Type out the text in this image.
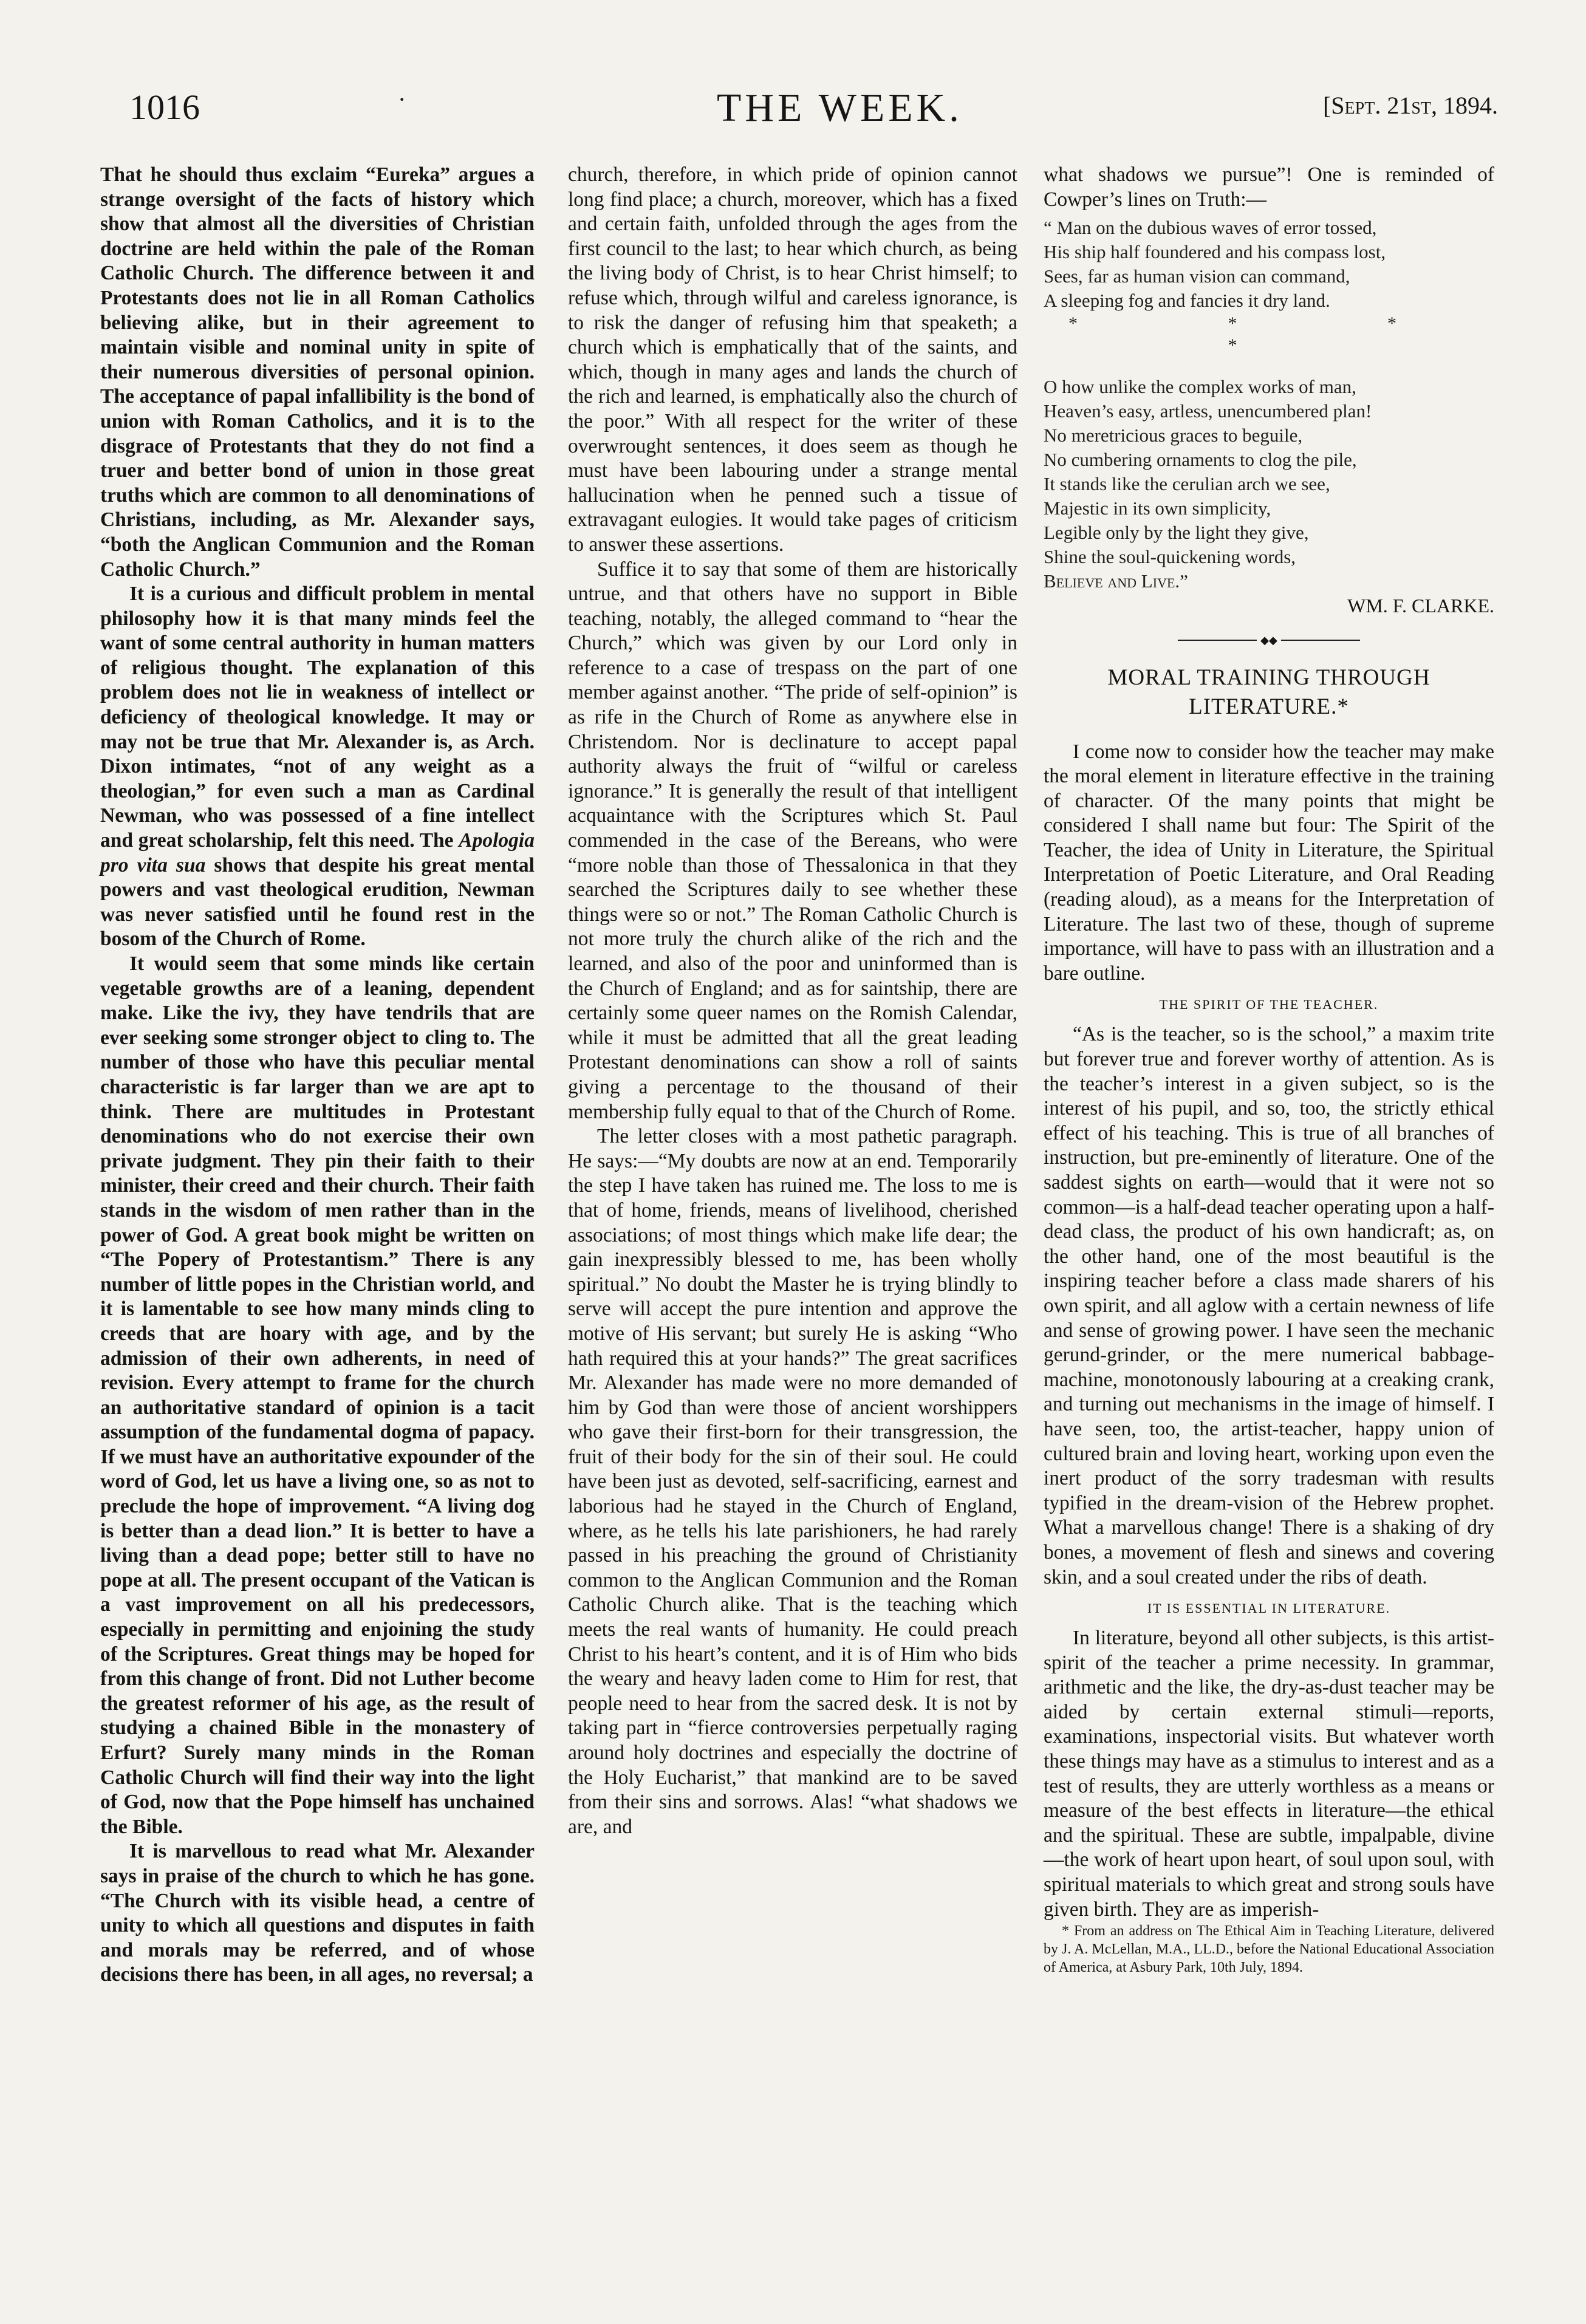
1016	·	THE WEEK.	[Sept. 21st, 1894.

That he should thus exclaim “Eureka” argues a strange oversight of the facts of history which show that almost all the diversities of Christian doctrine are held within the pale of the Roman Catholic Church. The difference between it and Protestants does not lie in all Roman Catholics believing alike, but in their agreement to maintain visible and nominal unity in spite of their numerous diversities of personal opinion. The acceptance of papal infallibility is the bond of union with Roman Catholics, and it is to the disgrace of Protestants that they do not find a truer and better bond of union in those great truths which are common to all denominations of Christians, including, as Mr. Alexander says, “both the Anglican Communion and the Roman Catholic Church.”

It is a curious and difficult problem in mental philosophy how it is that many minds feel the want of some central authority in human matters of religious thought. The explanation of this problem does not lie in weakness of intellect or deficiency of theological knowledge. It may or may not be true that Mr. Alexander is, as Arch. Dixon intimates, “not of any weight as a theologian,” for even such a man as Cardinal Newman, who was possessed of a fine intellect and great scholarship, felt this need. The Apologia pro vita sua shows that despite his great mental powers and vast theological erudition, Newman was never satisfied until he found rest in the bosom of the Church of Rome.

It would seem that some minds like certain vegetable growths are of a leaning, dependent make. Like the ivy, they have tendrils that are ever seeking some stronger object to cling to. The number of those who have this peculiar mental characteristic is far larger than we are apt to think. There are multitudes in Protestant denominations who do not exercise their own private judgment. They pin their faith to their minister, their creed and their church. Their faith stands in the wisdom of men rather than in the power of God. A great book might be written on “The Popery of Protestantism.” There is any number of little popes in the Christian world, and it is lamentable to see how many minds cling to creeds that are hoary with age, and by the admission of their own adherents, in need of revision. Every attempt to frame for the church an authoritative standard of opinion is a tacit assumption of the fundamental dogma of papacy. If we must have an authoritative expounder of the word of God, let us have a living one, so as not to preclude the hope of improvement. “A living dog is better than a dead lion.” It is better to have a living than a dead pope; better still to have no pope at all. The present occupant of the Vatican is a vast improvement on all his predecessors, especially in permitting and enjoining the study of the Scriptures. Great things may be hoped for from this change of front. Did not Luther become the greatest reformer of his age, as the result of studying a chained Bible in the monastery of Erfurt? Surely many minds in the Roman Catholic Church will find their way into the light of God, now that the Pope himself has unchained the Bible.

It is marvellous to read what Mr. Alexander says in praise of the church to which he has gone. “The Church with its visible head, a centre of unity to which all questions and disputes in faith and morals may be referred, and of whose decisions there has been, in all ages, no reversal; a

church, therefore, in which pride of opinion cannot long find place; a church, moreover, which has a fixed and certain faith, unfolded through the ages from the first council to the last; to hear which church, as being the living body of Christ, is to hear Christ himself; to refuse which, through wilful and careless ignorance, is to risk the danger of refusing him that speaketh; a church which is emphatically that of the saints, and which, though in many ages and lands the church of the rich and learned, is emphatically also the church of the poor.” With all respect for the writer of these overwrought sentences, it does seem as though he must have been labouring under a strange mental hallucination when he penned such a tissue of extravagant eulogies. It would take pages of criticism to answer these assertions.

Suffice it to say that some of them are historically untrue, and that others have no support in Bible teaching, notably, the alleged command to “hear the Church,” which was given by our Lord only in reference to a case of trespass on the part of one member against another. “The pride of self-opinion” is as rife in the Church of Rome as anywhere else in Christendom. Nor is declinature to accept papal authority always the fruit of “wilful or careless ignorance.” It is generally the result of that intelligent acquaintance with the Scriptures which St. Paul commended in the case of the Bereans, who were “more noble than those of Thessalonica in that they searched the Scriptures daily to see whether these things were so or not.” The Roman Catholic Church is not more truly the church alike of the rich and the learned, and also of the poor and uninformed than is the Church of England; and as for saintship, there are certainly some queer names on the Romish Calendar, while it must be admitted that all the great leading Protestant denominations can show a roll of saints giving a percentage to the thousand of their membership fully equal to that of the Church of Rome.

The letter closes with a most pathetic paragraph. He says:—“My doubts are now at an end. Temporarily the step I have taken has ruined me. The loss to me is that of home, friends, means of livelihood, cherished associations; of most things which make life dear; the gain inexpressibly blessed to me, has been wholly spiritual.” No doubt the Master he is trying blindly to serve will accept the pure intention and approve the motive of His servant; but surely He is asking “Who hath required this at your hands?” The great sacrifices Mr. Alexander has made were no more demanded of him by God than were those of ancient worshippers who gave their first-born for their transgression, the fruit of their body for the sin of their soul. He could have been just as devoted, self-sacrificing, earnest and laborious had he stayed in the Church of England, where, as he tells his late parishioners, he had rarely passed in his preaching the ground of Christianity common to the Anglican Communion and the Roman Catholic Church alike. That is the teaching which meets the real wants of humanity. He could preach Christ to his heart’s content, and it is of Him who bids the weary and heavy laden come to Him for rest, that people need to hear from the sacred desk. It is not by taking part in “fierce controversies perpetually raging around holy doctrines and especially the doctrine of the Holy Eucharist,” that mankind are to be saved from their sins and sorrows. Alas! “what shadows we are, and

what shadows we pursue”! One is reminded of Cowper’s lines on Truth:—

“ Man on the dubious waves of error tossed,
His ship half foundered and his compass lost,
Sees, far as human vision can command,
A sleeping fog and fancies it dry land.
* * * *
O how unlike the complex works of man,
Heaven’s easy, artless, unencumbered plan!
No meretricious graces to beguile,
No cumbering ornaments to clog the pile,
It stands like the cerulian arch we see,
Majestic in its own simplicity,
Legible only by the light they give,
Shine the soul-quickening words,
Believe and Live.”

WM. F. CLARKE.

◆◆
MORAL TRAINING THROUGH LITERATURE.*

I come now to consider how the teacher may make the moral element in literature effective in the training of character. Of the many points that might be considered I shall name but four: The Spirit of the Teacher, the idea of Unity in Literature, the Spiritual Interpretation of Poetic Literature, and Oral Reading (reading aloud), as a means for the Interpretation of Literature. The last two of these, though of supreme importance, will have to pass with an illustration and a bare outline.

THE SPIRIT OF THE TEACHER.

“As is the teacher, so is the school,” a maxim trite but forever true and forever worthy of attention. As is the teacher’s interest in a given subject, so is the interest of his pupil, and so, too, the strictly ethical effect of his teaching. This is true of all branches of instruction, but pre-eminently of literature. One of the saddest sights on earth—would that it were not so common—is a half-dead teacher operating upon a half-dead class, the product of his own handicraft; as, on the other hand, one of the most beautiful is the inspiring teacher before a class made sharers of his own spirit, and all aglow with a certain newness of life and sense of growing power. I have seen the mechanic gerund-grinder, or the mere numerical babbage-machine, monotonously labouring at a creaking crank, and turning out mechanisms in the image of himself. I have seen, too, the artist-teacher, happy union of cultured brain and loving heart, working upon even the inert product of the sorry tradesman with results typified in the dream-vision of the Hebrew prophet. What a marvellous change! There is a shaking of dry bones, a movement of flesh and sinews and covering skin, and a soul created under the ribs of death.

IT IS ESSENTIAL IN LITERATURE.

In literature, beyond all other subjects, is this artist-spirit of the teacher a prime necessity. In grammar, arithmetic and the like, the dry-as-dust teacher may be aided by certain external stimuli—reports, examinations, inspectorial visits. But whatever worth these things may have as a stimulus to interest and as a test of results, they are utterly worthless as a means or measure of the best effects in literature—the ethical and the spiritual. These are subtle, impalpable, divine—the work of heart upon heart, of soul upon soul, with spiritual materials to which great and strong souls have given birth. They are as imperish-

* From an address on The Ethical Aim in Teaching Literature, delivered by J. A. McLellan, M.A., LL.D., before the National Educational Association of America, at Asbury Park, 10th July, 1894.
